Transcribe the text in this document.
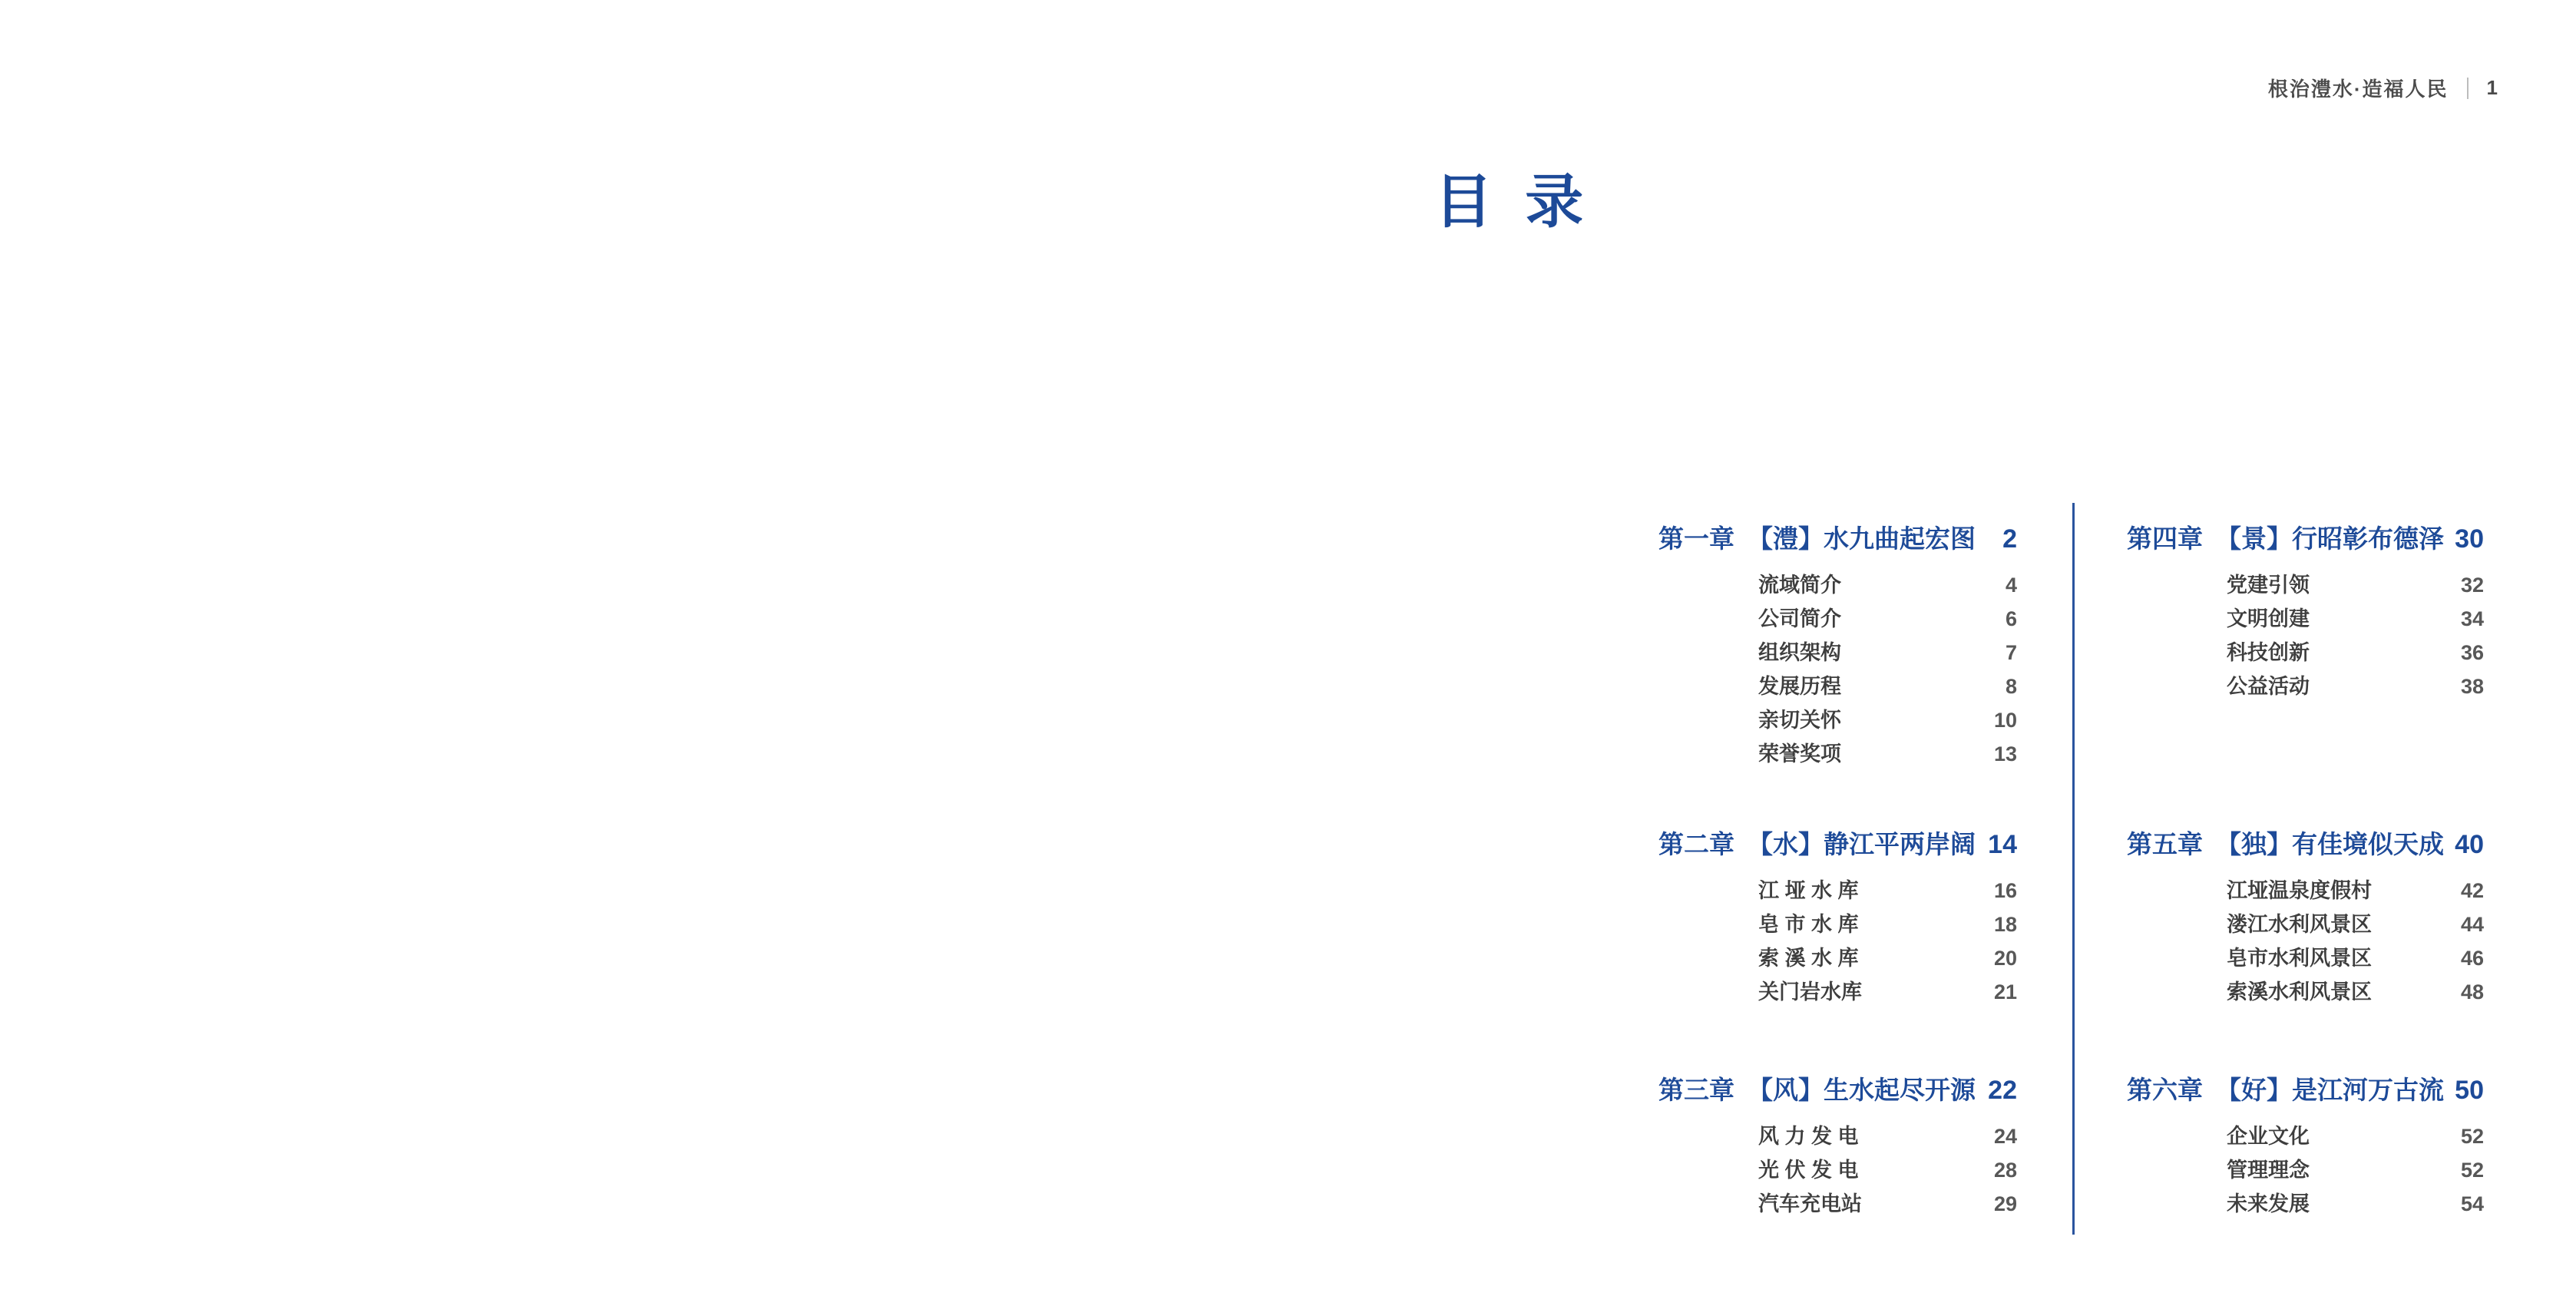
根治澧水·造福人民 1
目  录
第一章 【澧】水九曲起宏图 2
流域简介	4
公司简介	6
组织架构	7
发展历程	8
亲切关怀	10
荣誉奖项	13
第二章 【水】静江平两岸阔 14
江 垭 水 库	16
皂 市 水 库	18
索 溪 水 库	20
关门岩水库	21
第三章 【风】生水起尽开源 22
风 力 发 电	24
光 伏 发 电	28
汽车充电站	29
第四章 【景】行昭彰布德泽 30
党建引领	32
文明创建	34
科技创新	36
公益活动	38
第五章 【独】有佳境似天成 40
江垭温泉度假村	42
溇江水利风景区	44
皂市水利风景区	46
索溪水利风景区	48
第六章 【好】是江河万古流 50
企业文化	52
管理理念	52
未来发展	54
